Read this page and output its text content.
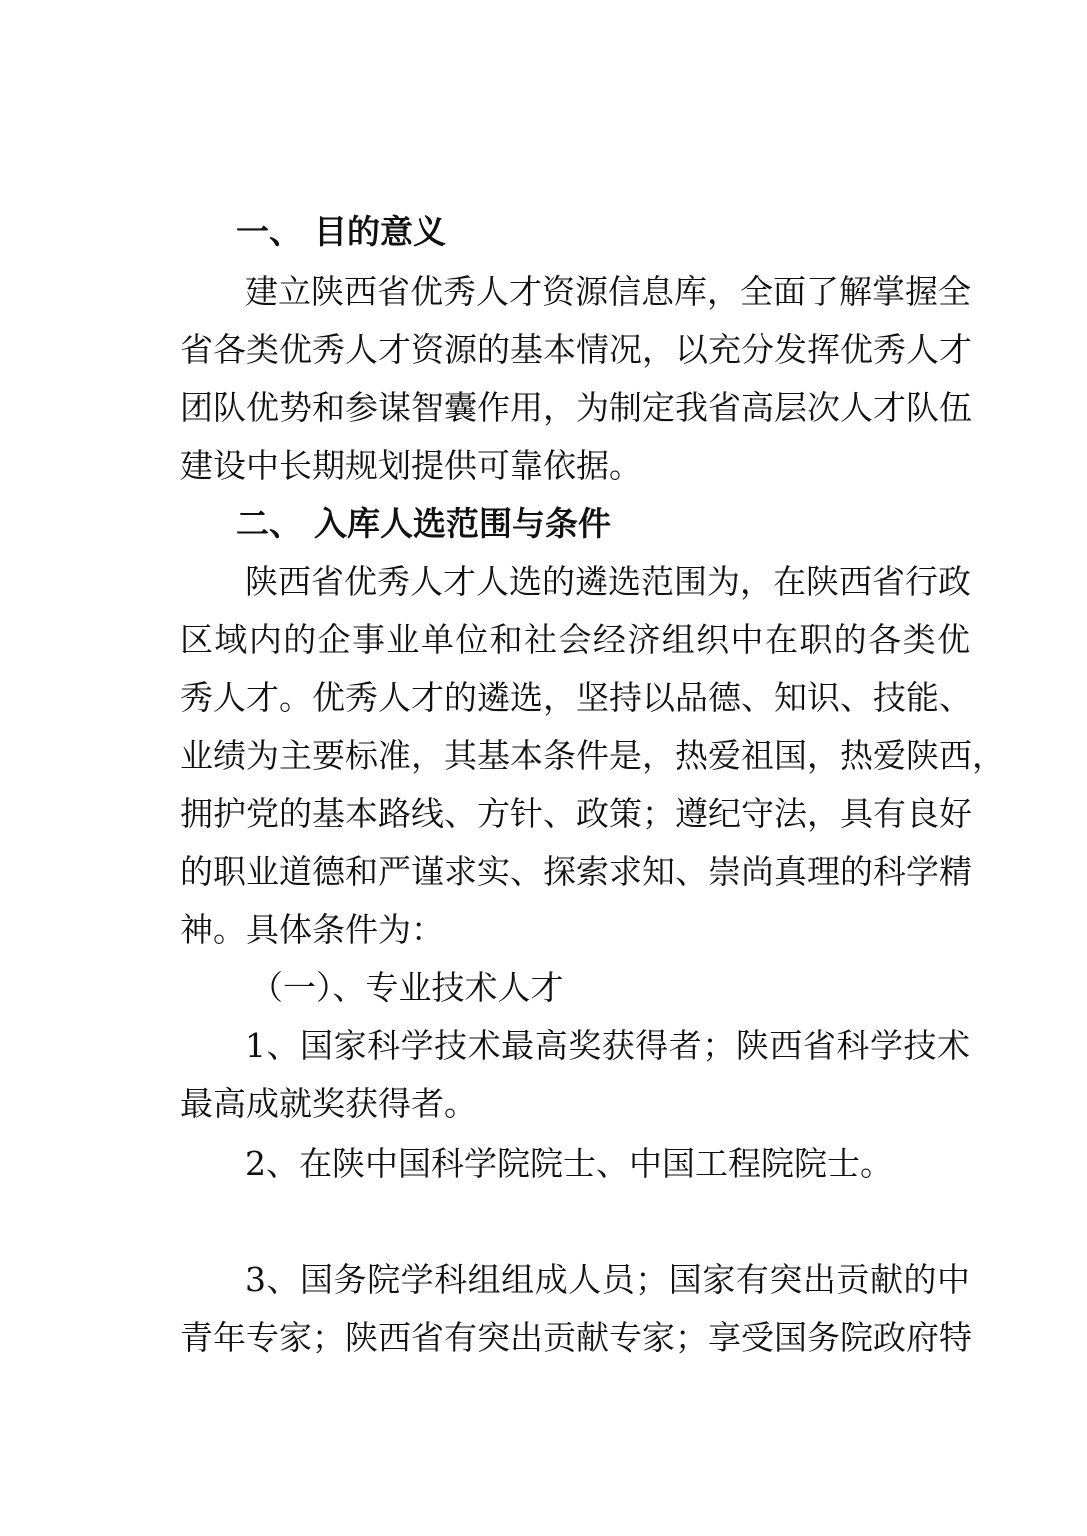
一、 目的意义
建立陕西省优秀人才资源信息库，全面了解掌握全
省各类优秀人才资源的基本情况，以充分发挥优秀人才
团队优势和参谋智囊作用，为制定我省高层次人才队伍
建设中长期规划提供可靠依据。
二、 入库人选范围与条件
陕西省优秀人才人选的遴选范围为，在陕西省行政
区域内的企事业单位和社会经济组织中在职的各类优
秀人才。优秀人才的遴选，坚持以品德、知识、技能、
业绩为主要标准，其基本条件是，热爱祖国，热爱陕西，
拥护党的基本路线、方针、政策；遵纪守法，具有良好
的职业道德和严谨求实、探索求知、崇尚真理的科学精
神。具体条件为：
（一）、专业技术人才
1、国家科学技术最高奖获得者；陕西省科学技术
最高成就奖获得者。
2、在陕中国科学院院士、中国工程院院士。
3、国务院学科组组成人员；国家有突出贡献的中
青年专家；陕西省有突出贡献专家；享受国务院政府特
